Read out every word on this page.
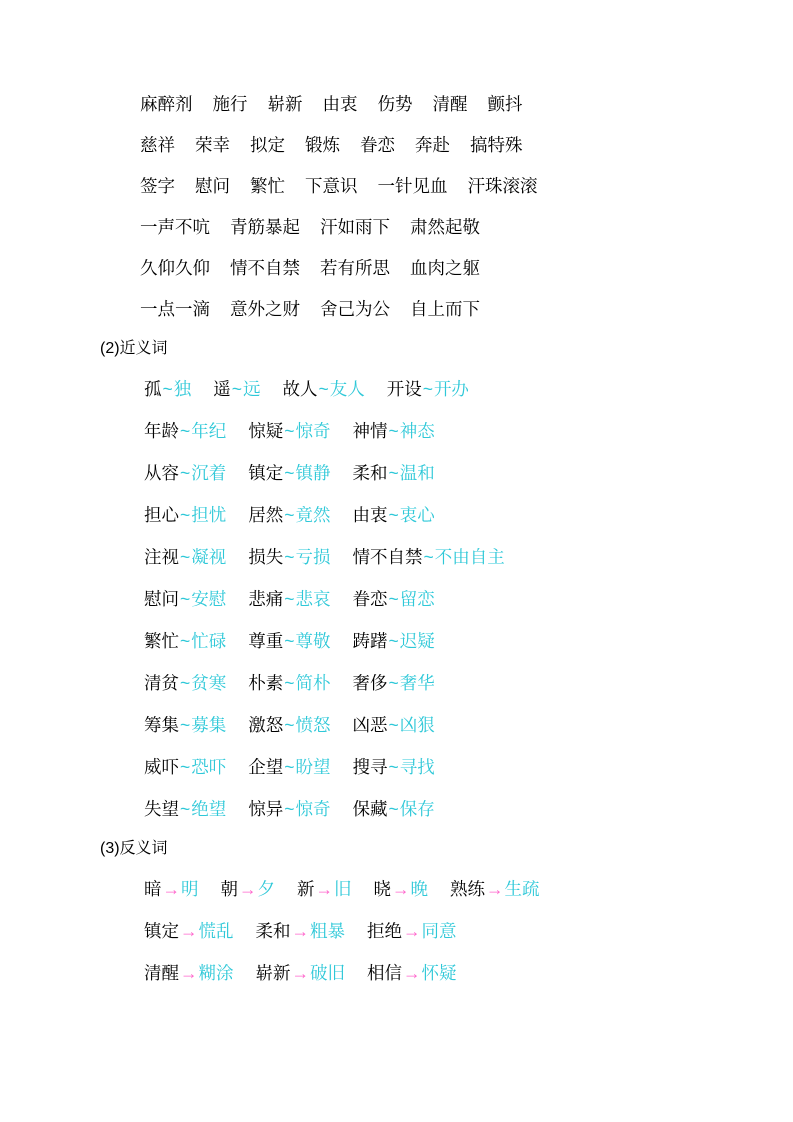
麻醉剂 施行 崭新 由衷 伤势 清醒 颤抖
慈祥 荣幸 拟定 锻炼 眷恋 奔赴 搞特殊
签字 慰问 繁忙 下意识 一针见血 汗珠滚滚
一声不吭 青筋暴起 汗如雨下 肃然起敬
久仰久仰 情不自禁 若有所思 血肉之躯
一点一滴 意外之财 舍己为公 自上而下
(2)近义词
孤~独 遥~远 故人~友人 开设~开办
年龄~年纪 惊疑~惊奇 神情~神态
从容~沉着 镇定~镇静 柔和~温和
担心~担忧 居然~竟然 由衷~衷心
注视~凝视 损失~亏损 情不自禁~不由自主
慰问~安慰 悲痛~悲哀 眷恋~留恋
繁忙~忙碌 尊重~尊敬 踌躇~迟疑
清贫~贫寒 朴素~简朴 奢侈~奢华
筹集~募集 激怒~愤怒 凶恶~凶狠
威吓~恐吓 企望~盼望 搜寻~寻找
失望~绝望 惊异~惊奇 保藏~保存
(3)反义词
暗→明 朝→夕 新→旧 晓→晚 熟练→生疏
镇定→慌乱 柔和→粗暴 拒绝→同意
清醒→糊涂 崭新→破旧 相信→怀疑
